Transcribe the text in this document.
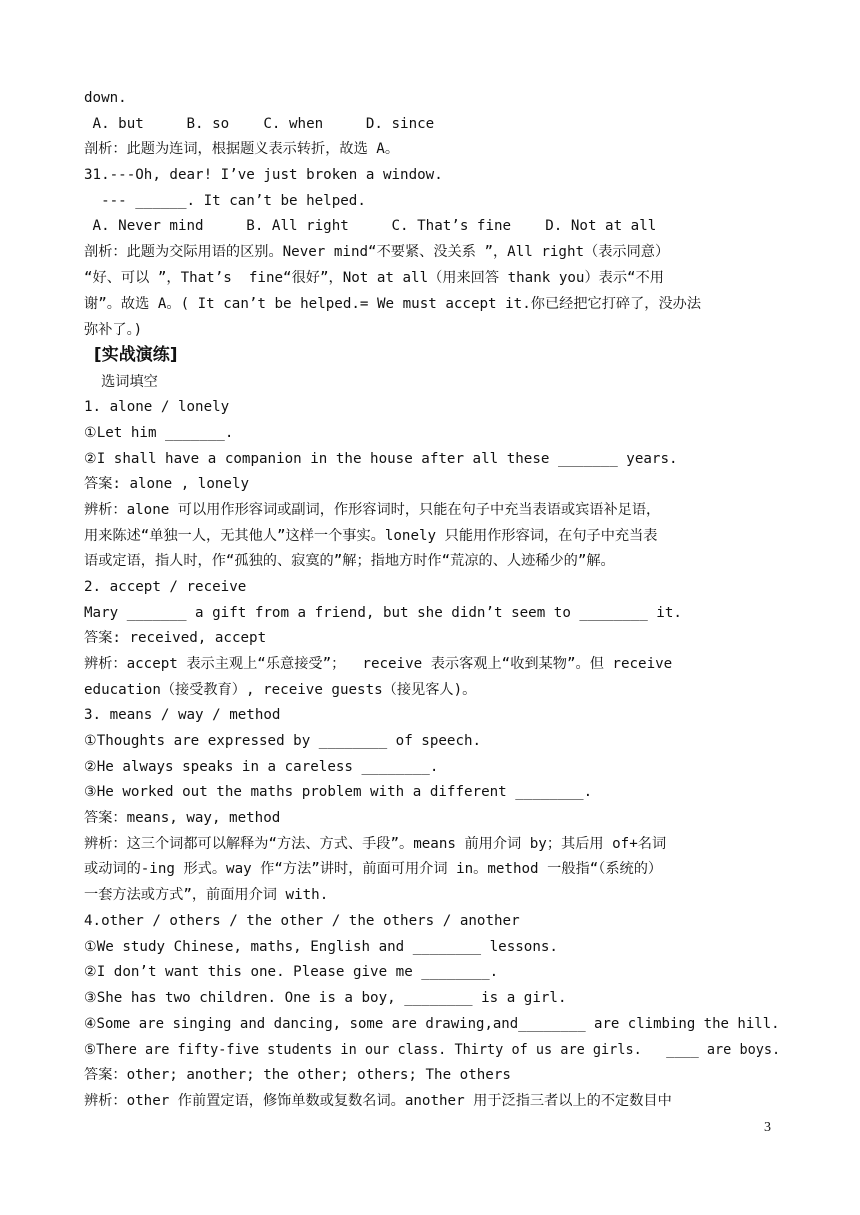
down.
A. but     B. so    C. when     D. since
剖析：此题为连词，根据题义表示转折，故选 A。
31.---Oh, dear! I’ve just broken a window.
--- ______. It can’t be helped.
A. Never mind     B. All right     C. That’s fine    D. Not at all
剖析：此题为交际用语的区别。Never mind“不要紧、没关系 ”，All right（表示同意）
“好、可以 ”，That’s  fine“很好”，Not at all（用来回答 thank you）表示“不用
谢”。故选 A。( It can’t be helped.= We must accept it.你已经把它打碎了，没办法
弥补了。)
[实战演练]
选词填空
1. alone / lonely
①Let him _______.
②I shall have a companion in the house after all these _______ years.
答案: alone , lonely
辨析：alone 可以用作形容词或副词，作形容词时，只能在句子中充当表语或宾语补足语，
用来陈述“单独一人，无其他人”这样一个事实。lonely 只能用作形容词，在句子中充当表
语或定语，指人时，作“孤独的、寂寞的”解；指地方时作“荒凉的、人迹稀少的”解。
2. accept / receive
Mary _______ a gift from a friend, but she didn’t seem to ________ it.
答案: received, accept
辨析：accept 表示主观上“乐意接受”；  receive 表示客观上“收到某物”。但 receive
education（接受教育）, receive guests（接见客人)。
3. means / way / method
①Thoughts are expressed by ________ of speech.
②He always speaks in a careless ________.
③He worked out the maths problem with a different ________.
答案：means, way, method
辨析：这三个词都可以解释为“方法、方式、手段”。means 前用介词 by；其后用 of+名词
或动词的-ing 形式。way 作“方法”讲时，前面可用介词 in。method 一般指“（系统的）
一套方法或方式”，前面用介词 with.
4.other / others / the other / the others / another
①We study Chinese, maths, English and ________ lessons.
②I don’t want this one. Please give me ________.
③She has two children. One is a boy, ________ is a girl.
④Some are singing and dancing, some are drawing,and________ are climbing the hill.
⑤There are fifty-five students in our class. Thirty of us are girls.   ____ are boys.
答案：other; another; the other; others; The others
辨析：other 作前置定语，修饰单数或复数名词。another 用于泛指三者以上的不定数目中
3
